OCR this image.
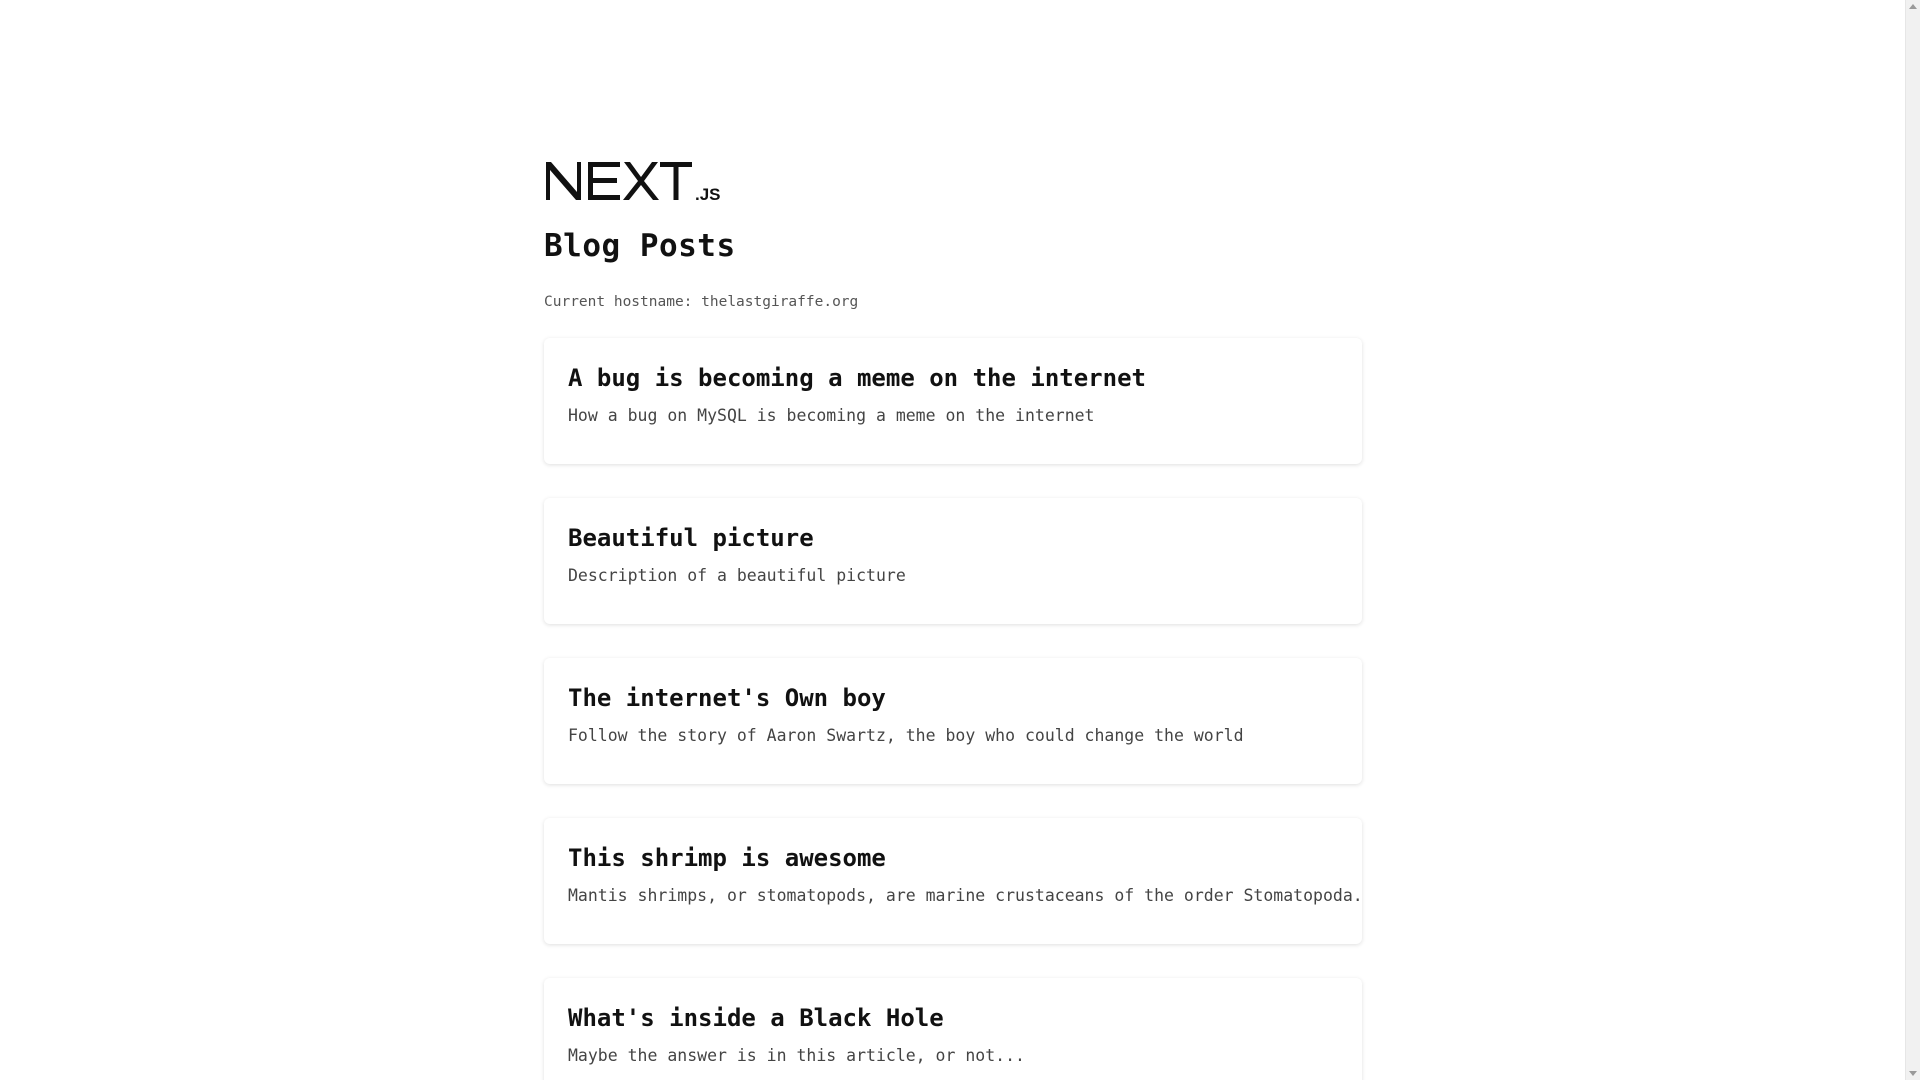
.JS
Blog Posts
Current hostname: thelastgiraffe.org
A bug is becoming a meme on the internet
How a bug on MySQL is becoming a meme on the internet
Beautiful picture
Description of a beautiful picture
The internet's Own boy
Follow the story of Aaron Swartz, the boy who could change the world
This shrimp is awesome
Mantis shrimps, or stomatopods, are marine crustaceans of the order Stomatopoda.
What's inside a Black Hole
Maybe the answer is in this article, or not...
